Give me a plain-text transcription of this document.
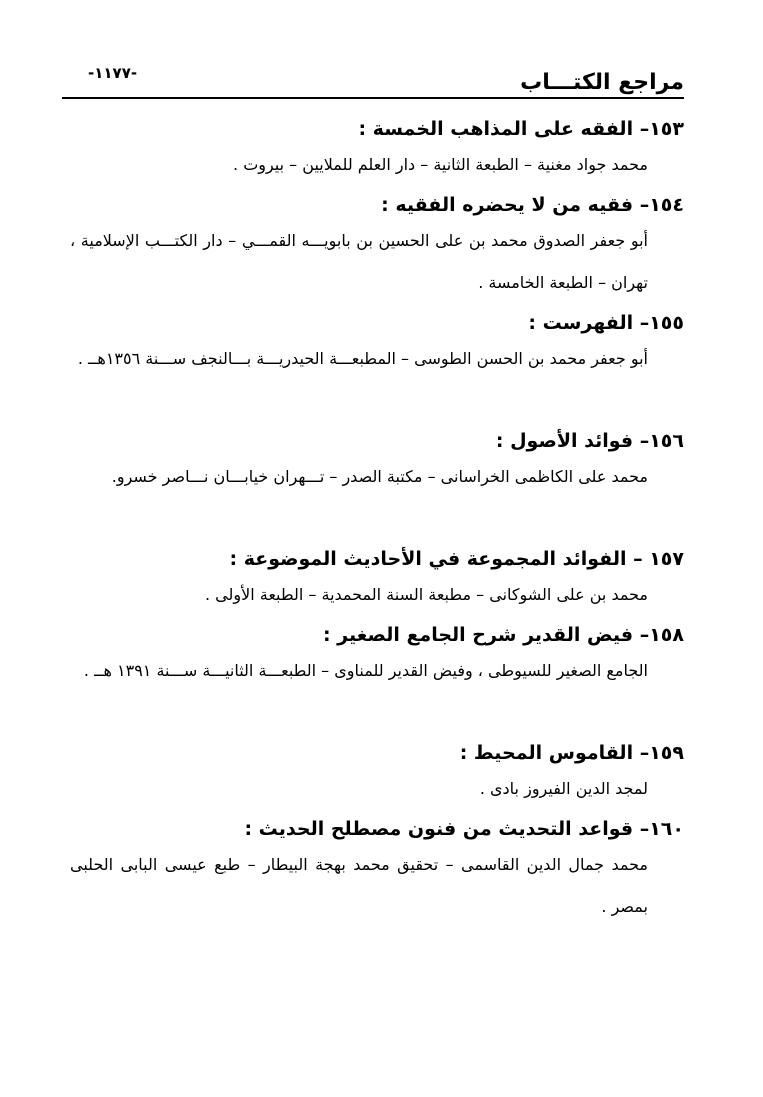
-١١٧٧-	مراجع الكتـــاب
١٥٣– الفقه على المذاهب الخمسة :
محمد جواد مغنية – الطبعة الثانية – دار العلم للملايين – بيروت .
١٥٤– فقيه من لا يحضره الفقيه :
أبو جعفر الصدوق محمد بن على الحسين بن بابويـــه القمـــي – دار الكتـــب الإسلامية ، تهران – الطبعة الخامسة .
١٥٥– الفهرست :
أبو جعفر محمد بن الحسن الطوسى – المطبعـــة الحيدريـــة بـــالنجف ســـنة ١٣٥٦هــ .
١٥٦– فوائد الأصول :
محمد على الكاظمى الخراسانى – مكتبة الصدر – تـــهران خيابـــان نـــاصر خسرو.
١٥٧ – الفوائد المجموعة في الأحاديث الموضوعة :
محمد بن على الشوكانى – مطبعة السنة المحمدية – الطبعة الأولى .
١٥٨– فيض القدير شرح الجامع الصغير :
الجامع الصغير للسيوطى ، وفيض القدير للمناوى – الطبعـــة الثانيـــة ســـنة ١٣٩١ هــ .
١٥٩– القاموس المحيط :
لمجد الدين الفيروز بادى .
١٦٠– قواعد التحديث من فنون مصطلح الحديث :
محمد جمال الدين القاسمى – تحقيق محمد بهجة البيطار – طبع عيسى البابى الحلبى بمصر .
